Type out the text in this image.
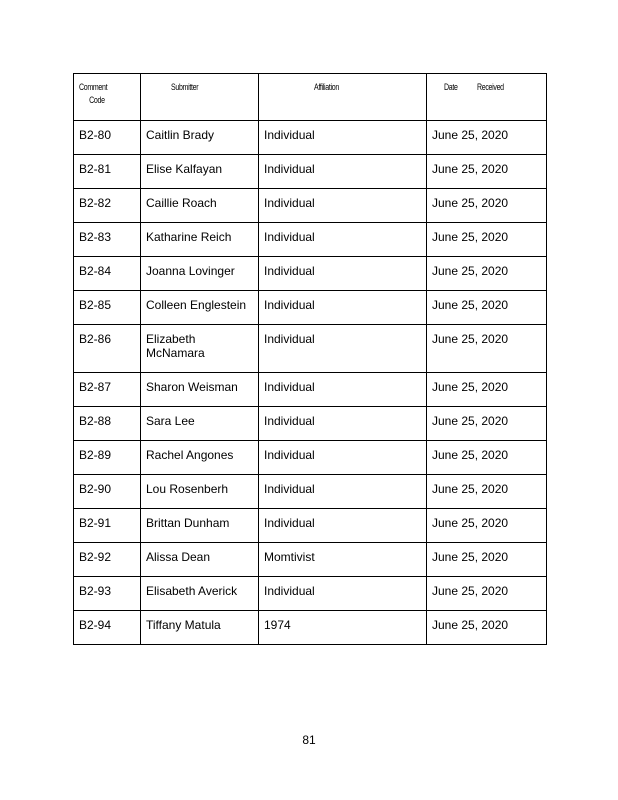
Comment Code	Submitter	Affiliation	Date Received
B2-80	Caitlin Brady	Individual	June 25, 2020
B2-81	Elise Kalfayan	Individual	June 25, 2020
B2-82	Caillie Roach	Individual	June 25, 2020
B2-83	Katharine Reich	Individual	June 25, 2020
B2-84	Joanna Lovinger	Individual	June 25, 2020
B2-85	Colleen Englestein	Individual	June 25, 2020
B2-86	Elizabeth McNamara	Individual	June 25, 2020
B2-87	Sharon Weisman	Individual	June 25, 2020
B2-88	Sara Lee	Individual	June 25, 2020
B2-89	Rachel Angones	Individual	June 25, 2020
B2-90	Lou Rosenberh	Individual	June 25, 2020
B2-91	Brittan Dunham	Individual	June 25, 2020
B2-92	Alissa Dean	Momtivist	June 25, 2020
B2-93	Elisabeth Averick	Individual	June 25, 2020
B2-94	Tiffany Matula	1974	June 25, 2020
81
